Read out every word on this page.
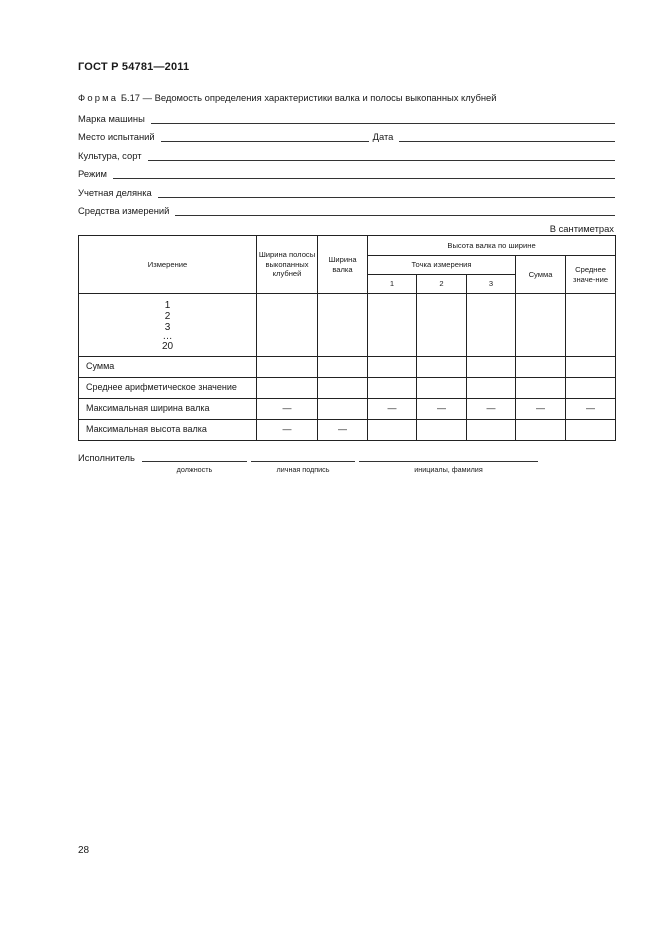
ГОСТ Р 54781—2011
Форма Б.17 — Ведомость определения характеристики валка и полосы выкопанных клубней
Марка машины
Место испытаний	Дата
Культура, сорт
Режим
Учетная делянка
Средства измерений
В сантиметрах
Измерение	Ширина полосы выкопанных клубней	Ширина валка	Высота валка по ширине				
			Точка измерения			Сумма	Среднее значе-ние
			1	2	3		

1
2
3
…
20							

Сумма							
Среднее арифметическое значение							
Максимальная ширина валка	—		—	—	—	—	—
Максимальная высота валка	—	—					
Исполнитель
должность	личная подпись	инициалы, фамилия
28
